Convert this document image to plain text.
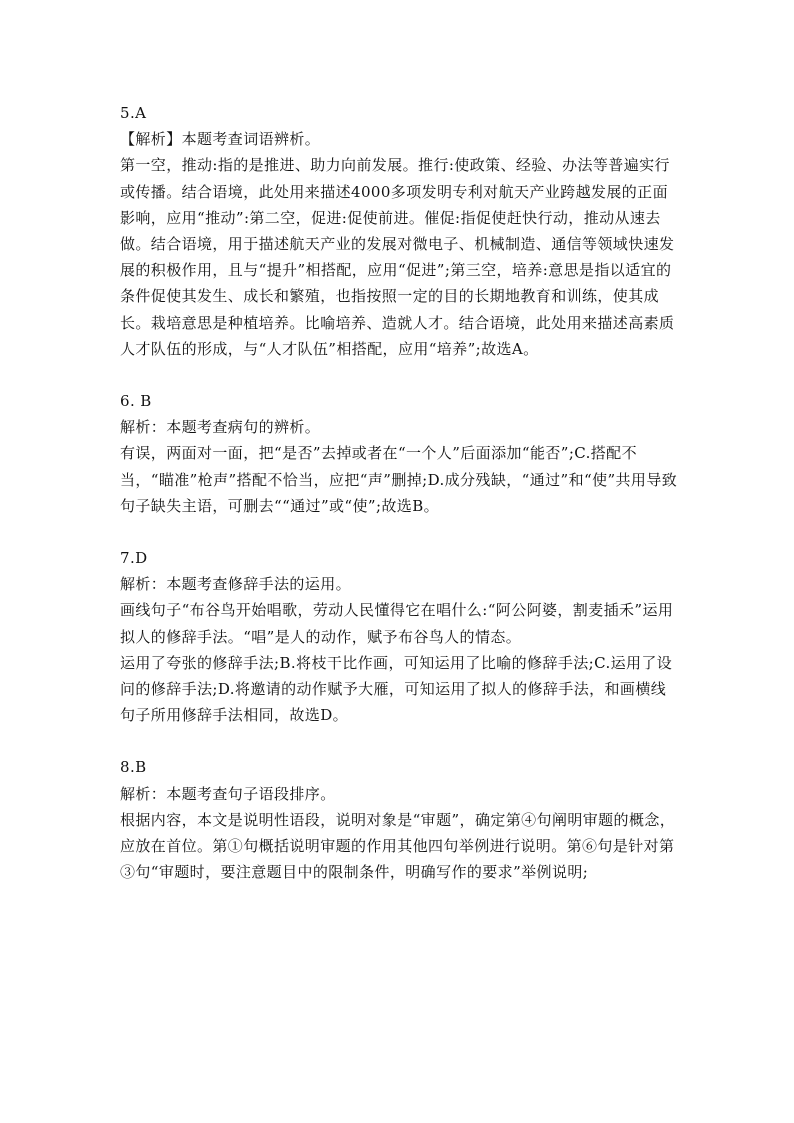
5.A
【解析】本题考查词语辨析。
第一空，推动:指的是推进、助力向前发展。推行:使政策、经验、办法等普遍实行或传播。结合语境，此处用来描述4000多项发明专利对航天产业跨越发展的正面影响，应用“推动”:第二空，促进:促使前进。催促:指促使赶快行动，推动从速去做。结合语境，用于描述航天产业的发展对微电子、机械制造、通信等领域快速发展的积极作用，且与“提升”相搭配，应用“促进”;第三空，培养:意思是指以适宜的条件促使其发生、成长和繁殖，也指按照一定的目的长期地教育和训练，使其成长。栽培意思是种植培养。比喻培养、造就人才。结合语境，此处用来描述高素质人才队伍的形成，与“人才队伍”相搭配，应用“培养”;故选A。
6. B
解析：本题考查病句的辨析。
有误，两面对一面，把“是否”去掉或者在“一个人”后面添加“能否”;C.搭配不当，“瞄准”枪声”搭配不恰当，应把“声”删掉;D.成分残缺，“通过”和“使”共用导致句子缺失主语，可删去““通过”或“使”;故选B。
7.D
解析：本题考查修辞手法的运用。
画线句子“布谷鸟开始唱歌，劳动人民懂得它在唱什么:“阿公阿婆，割麦插禾”运用拟人的修辞手法。“唱”是人的动作，赋予布谷鸟人的情态。
运用了夸张的修辞手法;B.将枝干比作画，可知运用了比喻的修辞手法;C.运用了设问的修辞手法;D.将邀请的动作赋予大雁，可知运用了拟人的修辞手法，和画横线句子所用修辞手法相同，故选D。
8.B
解析：本题考查句子语段排序。
根据内容，本文是说明性语段，说明对象是“审题”，确定第④句阐明审题的概念，应放在首位。第①句概括说明审题的作用其他四句举例进行说明。第⑥句是针对第③句“审题时，要注意题目中的限制条件，明确写作的要求”举例说明;
